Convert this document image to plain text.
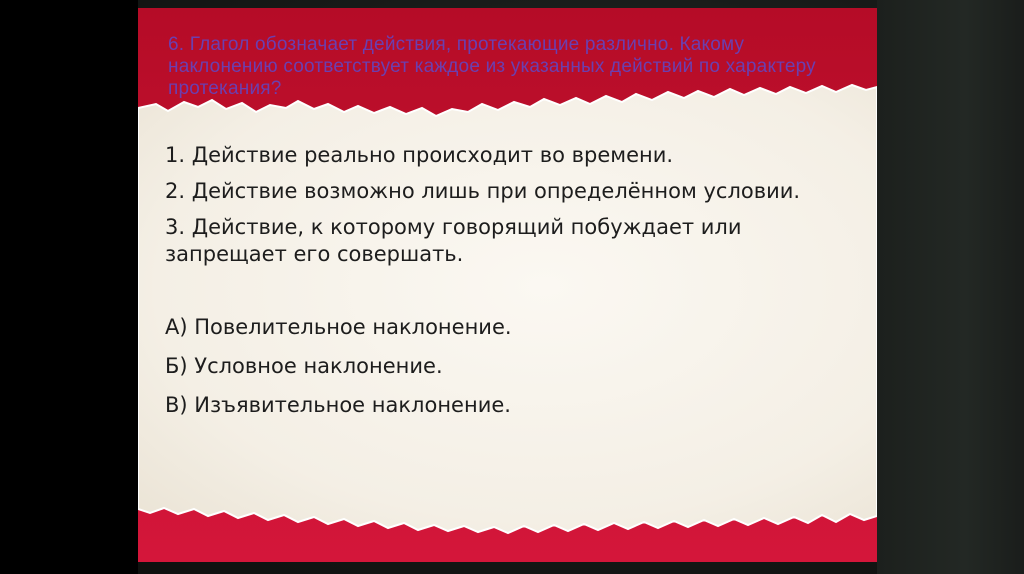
6. Глагол обозначает действия, протекающие различно. Какому наклонению соответствует каждое из указанных действий по характеру протекания?

1. Действие реально происходит во времени.

2. Действие возможно лишь при определённом условии.

3. Действие, к которому говорящий побуждает или запрещает его совершать.

А) Повелительное наклонение.

Б) Условное наклонение.

В) Изъявительное наклонение.
